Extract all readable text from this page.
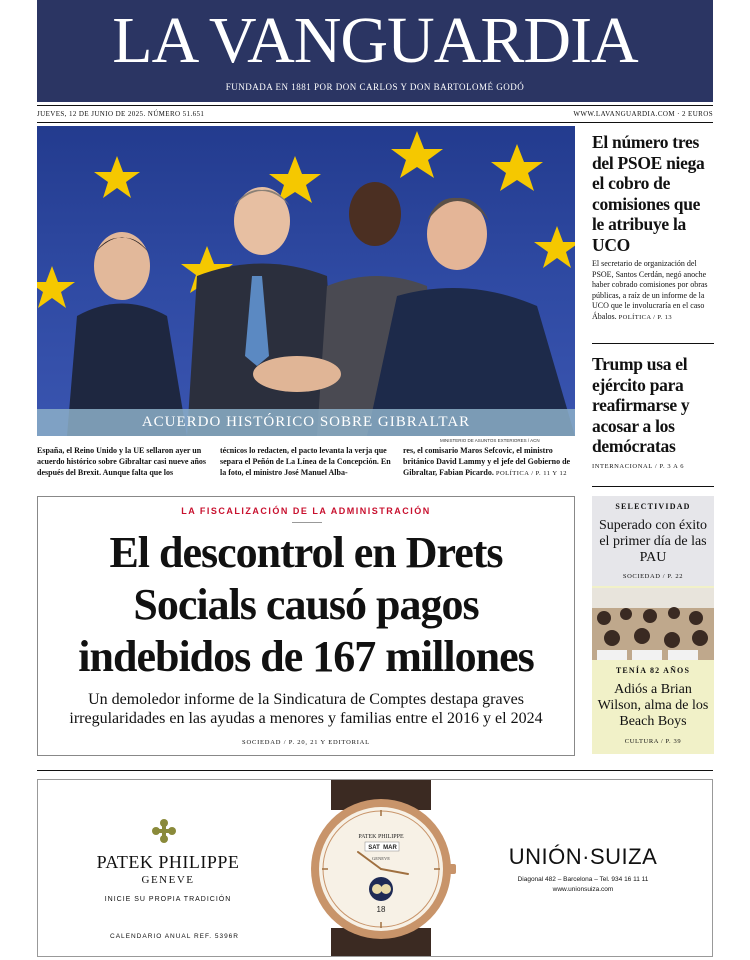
LA VANGUARDIA
FUNDADA EN 1881 POR DON CARLOS Y DON BARTOLOMÉ GODÓ
JUEVES, 12 DE JUNIO DE 2025. NÚMERO 51.651	WWW.LAVANGUARDIA.COM · 2 EUROS
ACUERDO HISTÓRICO SOBRE GIBRALTAR
MINISTERIO DE ASUNTOS EXTERIORES / ACN
España, el Reino Unido y la UE sellaron ayer un acuerdo histórico sobre Gibraltar casi nueve años después del Brexit. Aunque falta que los
técnicos lo redacten, el pacto levanta la verja que separa el Peñón de La Línea de la Concepción. En la foto, el ministro José Manuel Alba-
res, el comisario Maros Sefcovic, el ministro británico David Lammy y el jefe del Gobierno de Gibraltar, Fabian Picardo. POLÍTICA / P. 11 Y 12
El número tres del PSOE niega el cobro de comisiones que le atribuye la UCO
El secretario de organización del PSOE, Santos Cerdán, negó anoche haber cobrado comisiones por obras públicas, a raíz de un informe de la UCO que le involucraría en el caso Ábalos. POLÍTICA / P. 13
Trump usa el ejército para reafirmarse y acosar a los demócratas
INTERNACIONAL / P. 3 A 6
LA FISCALIZACIÓN DE LA ADMINISTRACIÓN
El descontrol en Drets
Socials causó pagos
indebidos de 167 millones
Un demoledor informe de la Sindicatura de Comptes destapa graves irregularidades en las ayudas a menores y familias entre el 2016 y el 2024
SOCIEDAD / P. 20, 21 Y EDITORIAL
SELECTIVIDAD
Superado con éxito el primer día de las PAU
SOCIEDAD / P. 22
TENÍA 82 AÑOS
Adiós a Brian Wilson, alma de los Beach Boys
CULTURA / P. 39
PATEK PHILIPPE
GENEVE
INICIE SU PROPIA TRADICIÓN
CALENDARIO ANUAL REF. 5396R
PATEK PHILIPPE
SAT MAR
GENEVE
18
UNIÓN·SUIZA
Diagonal 482 – Barcelona – Tel. 934 16 11 11
www.unionsuiza.com
